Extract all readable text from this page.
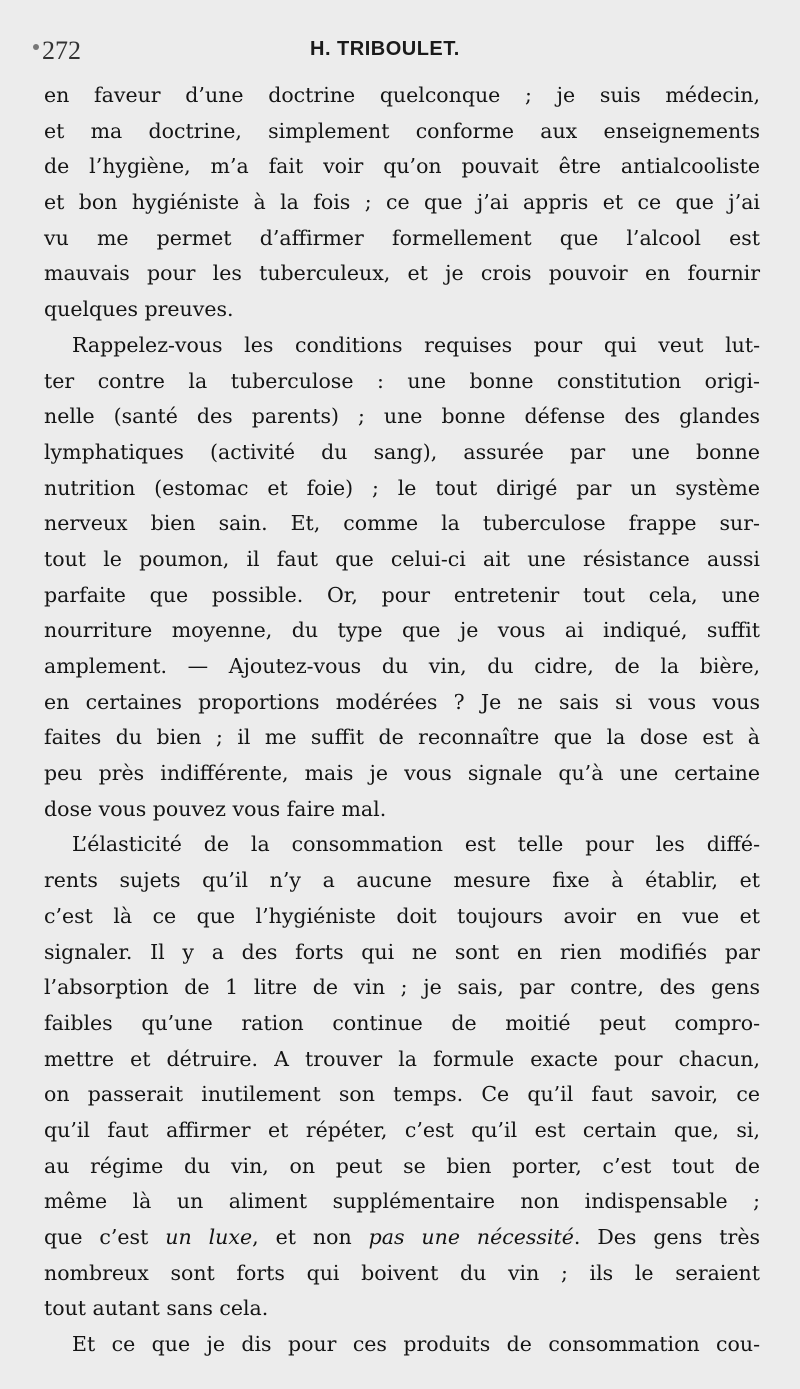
272	H. TRIBOULET.
en faveur d’une doctrine quelconque ; je suis médecin,
et ma doctrine, simplement conforme aux enseignements
de l’hygiène, m’a fait voir qu’on pouvait être antialcooliste
et bon hygiéniste à la fois ; ce que j’ai appris et ce que j’ai
vu me permet d’affirmer formellement que l’alcool est
mauvais pour les tuberculeux, et je crois pouvoir en fournir
quelques preuves.
Rappelez-vous les conditions requises pour qui veut lut-
ter contre la tuberculose : une bonne constitution origi-
nelle (santé des parents) ; une bonne défense des glandes
lymphatiques (activité du sang), assurée par une bonne
nutrition (estomac et foie) ; le tout dirigé par un système
nerveux bien sain. Et, comme la tuberculose frappe sur-
tout le poumon, il faut que celui-ci ait une résistance aussi
parfaite que possible. Or, pour entretenir tout cela, une
nourriture moyenne, du type que je vous ai indiqué, suffit
amplement. — Ajoutez-vous du vin, du cidre, de la bière,
en certaines proportions modérées ? Je ne sais si vous vous
faites du bien ; il me suffit de reconnaître que la dose est à
peu près indifférente, mais je vous signale qu’à une certaine
dose vous pouvez vous faire mal.
L’élasticité de la consommation est telle pour les diffé-
rents sujets qu’il n’y a aucune mesure fixe à établir, et
c’est là ce que l’hygiéniste doit toujours avoir en vue et
signaler. Il y a des forts qui ne sont en rien modifiés par
l’absorption de 1 litre de vin ; je sais, par contre, des gens
faibles qu’une ration continue de moitié peut compro-
mettre et détruire. A trouver la formule exacte pour chacun,
on passerait inutilement son temps. Ce qu’il faut savoir, ce
qu’il faut affirmer et répéter, c’est qu’il est certain que, si,
au régime du vin, on peut se bien porter, c’est tout de
même là un aliment supplémentaire non indispensable ;
que c’est un luxe, et non pas une nécessité. Des gens très
nombreux sont forts qui boivent du vin ; ils le seraient
tout autant sans cela.
Et ce que je dis pour ces produits de consommation cou-
